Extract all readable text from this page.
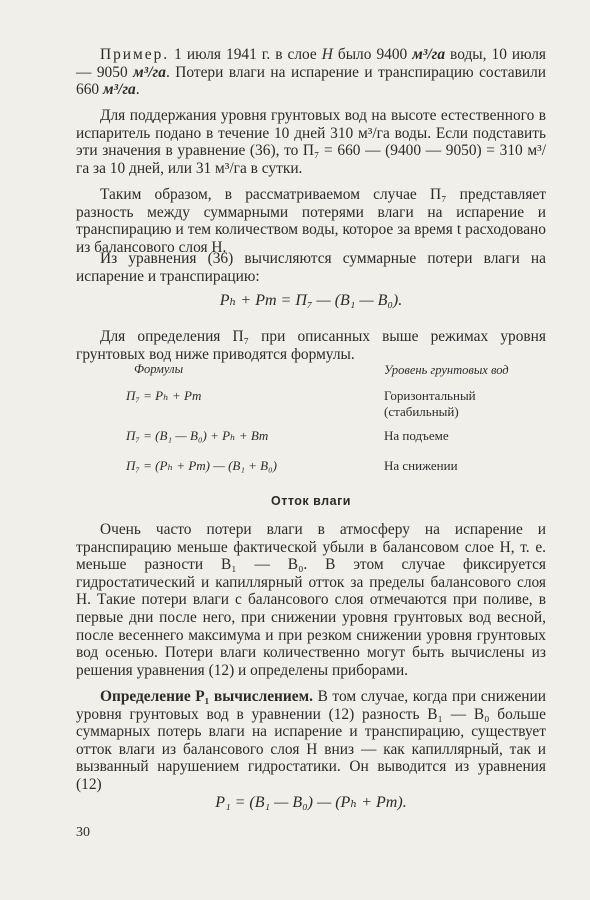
Пример. 1 июля 1941 г. в слое H было 9400 м³/га воды, 10 июля — 9050 м³/га. Потери влаги на испарение и транспирацию составили 660 м³/га.

Для поддержания уровня грунтовых вод на высоте естественного в испаритель подано в течение 10 дней 310 м³/га воды. Если подставить эти значения в уравнение (36), то П₇ = 660 — (9400 — 9050) = 310 м³/га за 10 дней, или 31 м³/га в сутки.

Таким образом, в рассматриваемом случае П₇ представляет разность между суммарными потерями влаги на испарение и транспирацию и тем количеством воды, которое за время t расходовано из балансового слоя H.

Из уравнения (36) вычисляются суммарные потери влаги на испарение и транспирацию:

Pₕ + Pт = П₇ — (B₁ — B₀).

Для определения П₇ при описанных выше режимах уровня грунтовых вод ниже приводятся формулы.

Формулы	Уровень грунтовых вод
П₇ = Pₕ + Pт	Горизонтальный
(стабильный)
П₇ = (B₁ — B₀) + Pₕ + Bт	На подъеме
П₇ = (Pₕ + Pт) — (B₁ + B₀)	На снижении
Отток влаги

Очень часто потери влаги в атмосферу на испарение и транспирацию меньше фактической убыли в балансовом слое H, т. е. меньше разности B₁ — B₀. В этом случае фиксируется гидростатический и капиллярный отток за пределы балансового слоя H. Такие потери влаги с балансового слоя отмечаются при поливе, в первые дни после него, при снижении уровня грунтовых вод весной, после весеннего максимума и при резком снижении уровня грунтовых вод осенью. Потери влаги количественно могут быть вычислены из решения уравнения (12) и определены приборами.

Определение P₁ вычислением. В том случае, когда при снижении уровня грунтовых вод в уравнении (12) разность B₁ — B₀ больше суммарных потерь влаги на испарение и транспирацию, существует отток влаги из балансового слоя H вниз — как капиллярный, так и вызванный нарушением гидростатики. Он выводится из уравнения (12)

P₁ = (B₁ — B₀) — (Pₕ + Pт).
30
